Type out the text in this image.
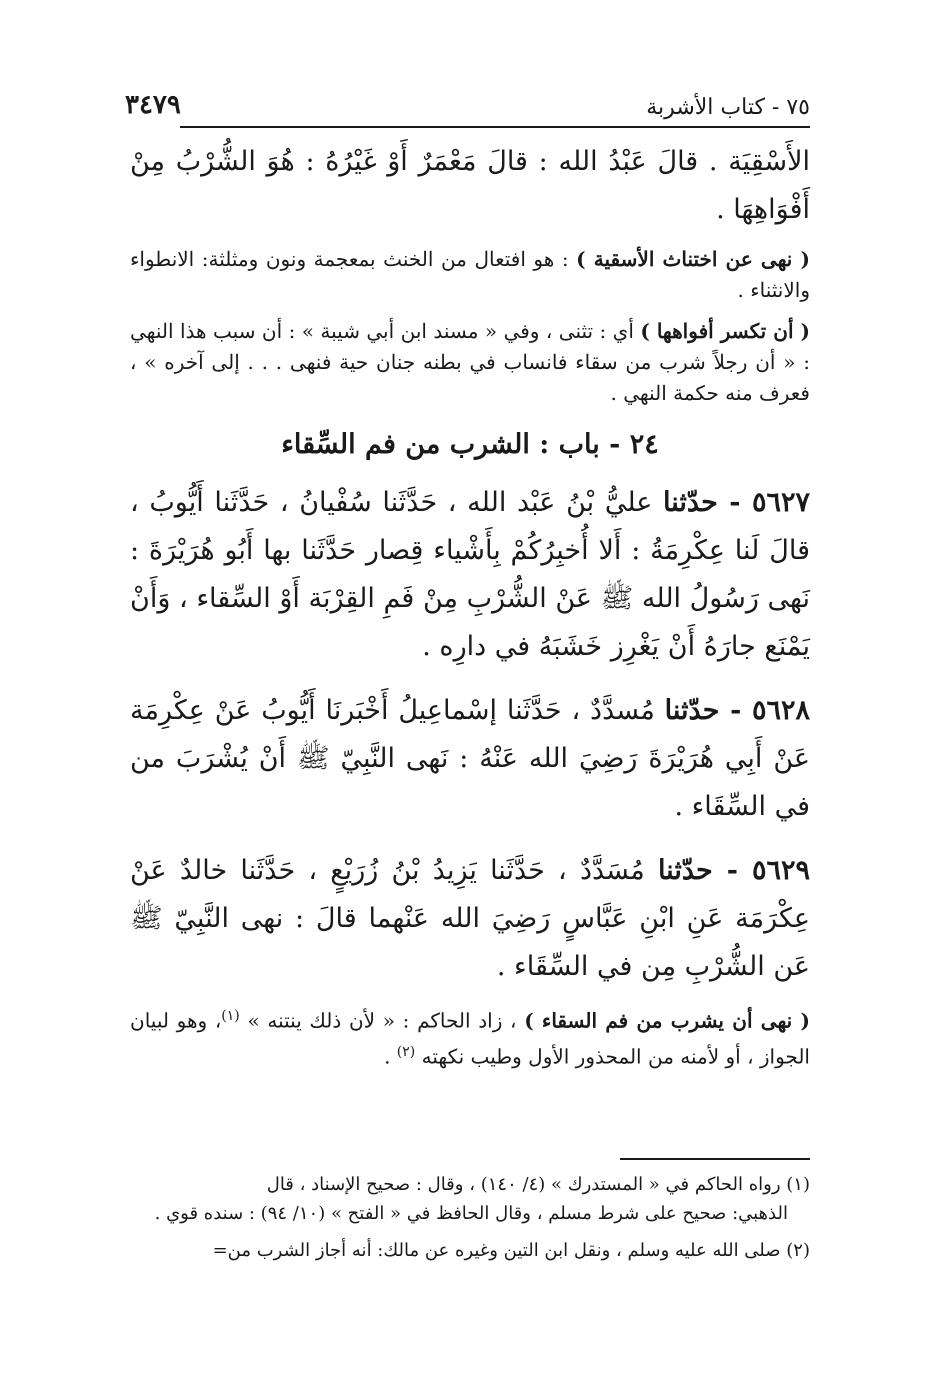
٧٥ - كتاب الأشربة
٣٤٧٩

الأَسْقِيَة . قالَ عَبْدُ الله : قالَ مَعْمَرٌ أَوْ غَيْرُهُ : هُوَ الشُّرْبُ مِنْ أَفْوَاهِهَا .

( نهى عن اختناث الأسقية ) : هو افتعال من الخنث بمعجمة ونون ومثلثة: الانطواء والانثناء .

( أن تكسر أفواهها ) أي : تثنى ، وفي « مسند ابن أبي شيبة » : أن سبب هذا النهي : « أن رجلاً شرب من سقاء فانساب في بطنه جنان حية فنهى . . . إلى آخره » ، فعرف منه حكمة النهي .

٢٤ - باب : الشرب من فم السِّقاء

٥٦٢٧ - حدّثنا عليُّ بْنُ عَبْد الله ، حَدَّثَنا سُفْيانُ ، حَدَّثَنا أَيُّوبُ ، قالَ لَنا عِكْرِمَةُ : أَلا أُخبِرُكُمْ بِأَشْياء قِصار حَدَّثَنا بها أَبُو هُرَيْرَةَ : نَهى رَسُولُ الله ﷺ عَنْ الشُّرْبِ مِنْ فَمِ القِرْبَة أَوْ السِّقاء ، وَأَنْ يَمْنَع جارَهُ أَنْ يَغْرِز خَشَبَهُ في دارِه .

٥٦٢٨ - حدّثنا مُسدَّدٌ ، حَدَّثَنا إسْماعِيلُ أَخْبَرنَا أَيُّوبُ عَنْ عِكْرِمَة عَنْ أَبِي هُرَيْرَةَ رَضِيَ الله عَنْهُ : نَهى النَّبِيّ ﷺ أَنْ يُشْرَبَ من في السِّقَاء .

٥٦٢٩ - حدّثنا مُسَدَّدٌ ، حَدَّثَنا يَزِيدُ بْنُ زُرَيْعٍ ، حَدَّثَنا خالدٌ عَنْ عِكْرَمَة عَنِ ابْنِ عَبَّاسٍ رَضِيَ الله عَنْهما قالَ : نهى النَّبِيّ ﷺ عَن الشُّرْبِ مِن في السِّقَاء .

( نهى أن يشرب من فم السقاء ) ، زاد الحاكم : « لأن ذلك ينتنه » $^{(١)}$، وهو لبيان الجواز ، أو لأمنه من المحذور الأول وطيب نكهته $^{(٢)}$ .

(١) رواه الحاكم في « المستدرك » (٤/ ١٤٠) ، وقال : صحيح الإسناد ، قال
الذهبي: صحيح على شرط مسلم ، وقال الحافظ في « الفتح » (١٠/ ٩٤) : سنده قوي .

(٢) صلى الله عليه وسلم ، ونقل ابن التين وغيره عن مالك: أنه أجاز الشرب من=
